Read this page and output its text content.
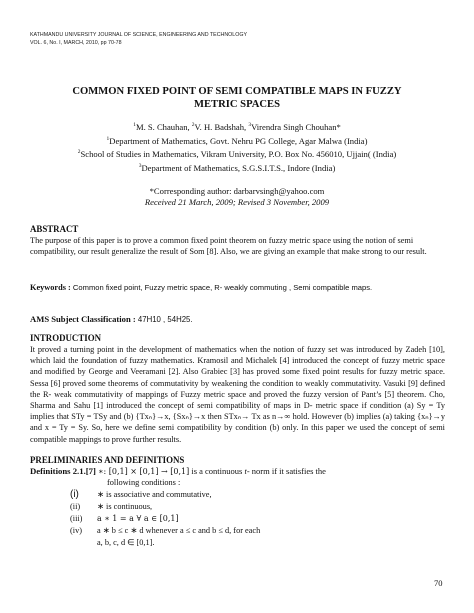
KATHMANDU UNIVERSITY JOURNAL OF SCIENCE, ENGINEERING AND TECHNOLOGY
VOL. 6, No. I, MARCH, 2010, pp 70-78
COMMON FIXED POINT OF SEMI COMPATIBLE MAPS IN FUZZY
METRIC SPACES
$^1$M. S. Chauhan, $^2$V. H. Badshah, $^3$Virendra Singh Chouhan*
$^1$Department of Mathematics, Govt. Nehru PG College, Agar Malwa (India)
$^2$School of Studies in Mathematics, Vikram University, P.O. Box No. 456010, Ujjain( (India)
$^3$Department of Mathematics, S.G.S.I.T.S., Indore (India)
*Corresponding author: darbarvsingh@yahoo.com
Received 21 March, 2009; Revised 3 November, 2009
ABSTRACT
The purpose of this paper is to prove a common fixed point theorem on fuzzy metric space using the notion of semi compatibility, our result generalize the result of Som [8]. Also, we are giving an example that make strong to our result.
Keywords : Common fixed point, Fuzzy metric space, R- weakly commuting , Semi compatible maps.
AMS Subject Classification : 47H10 , 54H25.
INTRODUCTION
It proved a turning point in the development of mathematics when the notion of fuzzy set was introduced by Zadeh [10], which laid the foundation of fuzzy mathematics. Kramosil and Michalek [4] introduced the concept of fuzzy metric space and modified by George and Veeramani [2]. Also Grabiec [3] has proved some fixed point results for fuzzy metric space. Sessa [6] proved some theorems of commutativity by weakening the condition to weakly commutativity. Vasuki [9] defined the R- weak commutativity of mappings of Fuzzy metric space and proved the fuzzy version of Pant’s [5] theorem. Cho, Sharma and Sahu [1] introduced the concept of semi compatibility of maps in D- metric space if condition (a) Sy = Ty implies that STy = TSy and (b) {Txₙ}→x, {Sxₙ}→x then STxₙ→ Tx as n→∞ hold. However (b) implies (a) taking {xₙ}→y and x = Ty = Sy. So, here we define semi compatibility by condition (b) only. In this paper we used the concept of semi compatible mappings to prove further results.
PRELIMINARIES AND DEFINITIONS
Definitions 2.1.[7] ∗: [0,1] × [0,1] → [0,1] is a continuous t- norm if it satisfies the
following conditions :
(i)	∗ is associative and commutative,
(ii)	∗ is continuous,
(iii)	a ∗ 1 = a ∀ a ∈ [0,1]
(iv)	a ∗ b ≤ c ∗ d whenever a ≤ c and b ≤ d, for each
a, b, c, d ∈ [0,1].
70
